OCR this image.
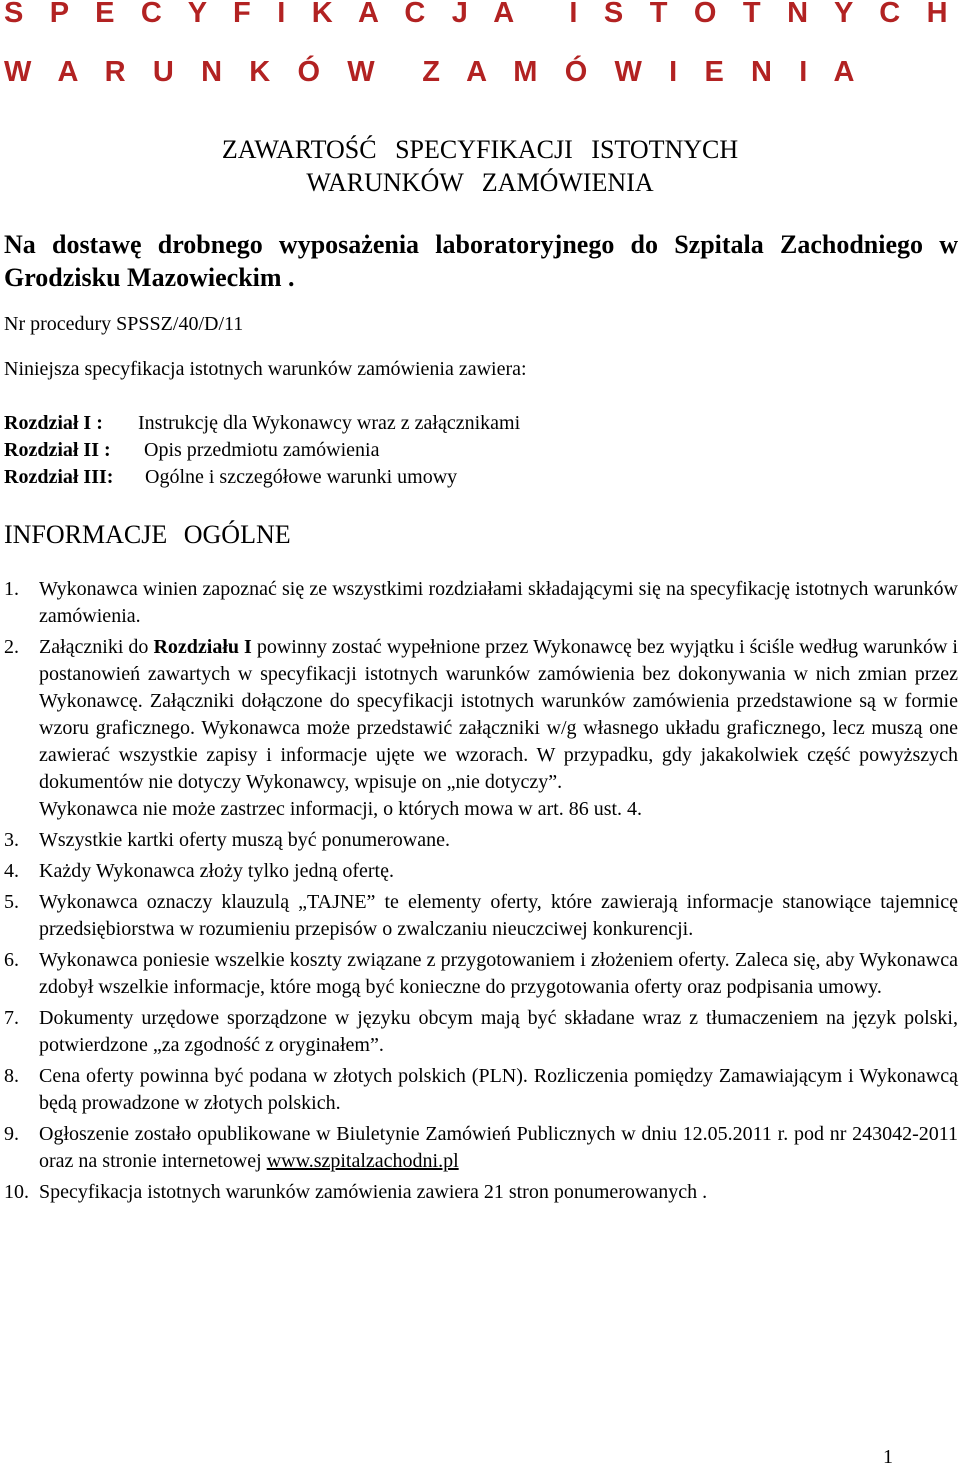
S P E C Y F I K A C J A I S T O T N Y C H
W A R U N K Ó W Z A M Ó W I E N I A
ZAWARTOŚĆ SPECYFIKACJI ISTOTNYCH
WARUNKÓW ZAMÓWIENIA
Na dostawę drobnego wyposażenia laboratoryjnego do Szpitala Zachodniego w
Grodzisku Mazowieckim .
Nr procedury SPSSZ/40/D/11
Niniejsza specyfikacja istotnych warunków zamówienia zawiera:
Rozdział I :	Instrukcję dla Wykonawcy wraz z załącznikami
Rozdział II :	Opis przedmiotu zamówienia
Rozdział III:	Ogólne i szczegółowe warunki umowy
INFORMACJE OGÓLNE
1.	Wykonawca winien zapoznać się ze wszystkimi rozdziałami składającymi się na specyfikację istotnych warunków zamówienia.
2.	Załączniki do Rozdziału I powinny zostać wypełnione przez Wykonawcę bez wyjątku i ściśle według warunków i postanowień zawartych w specyfikacji istotnych warunków zamówienia bez dokonywania w nich zmian przez Wykonawcę. Załączniki dołączone do specyfikacji istotnych warunków zamówienia przedstawione są w formie wzoru graficznego. Wykonawca może przedstawić załączniki w/g własnego układu graficznego, lecz muszą one zawierać wszystkie zapisy i informacje ujęte we wzorach. W przypadku, gdy jakakolwiek część powyższych dokumentów nie dotyczy Wykonawcy, wpisuje on „nie dotyczy”.
Wykonawca nie może zastrzec informacji, o których mowa w art. 86 ust. 4.
3.	Wszystkie kartki oferty muszą być ponumerowane.
4.	Każdy Wykonawca złoży tylko jedną ofertę.
5.	Wykonawca oznaczy klauzulą „TAJNE” te elementy oferty, które zawierają informacje stanowiące tajemnicę przedsiębiorstwa w rozumieniu przepisów o zwalczaniu nieuczciwej konkurencji.
6.	Wykonawca poniesie wszelkie koszty związane z przygotowaniem i złożeniem oferty. Zaleca się, aby Wykonawca zdobył wszelkie informacje, które mogą być konieczne do przygotowania oferty oraz podpisania umowy.
7.	Dokumenty urzędowe sporządzone w języku obcym mają być składane wraz z tłumaczeniem na język polski, potwierdzone „za zgodność z oryginałem”.
8.	Cena oferty powinna być podana w złotych polskich (PLN). Rozliczenia pomiędzy Zamawiającym i Wykonawcą będą prowadzone w złotych polskich.
9.	Ogłoszenie zostało opublikowane w Biuletynie Zamówień Publicznych w dniu 12.05.2011 r. pod nr 243042-2011 oraz na stronie internetowej www.szpitalzachodni.pl
10. Specyfikacja istotnych warunków zamówienia zawiera 21 stron ponumerowanych .
1
